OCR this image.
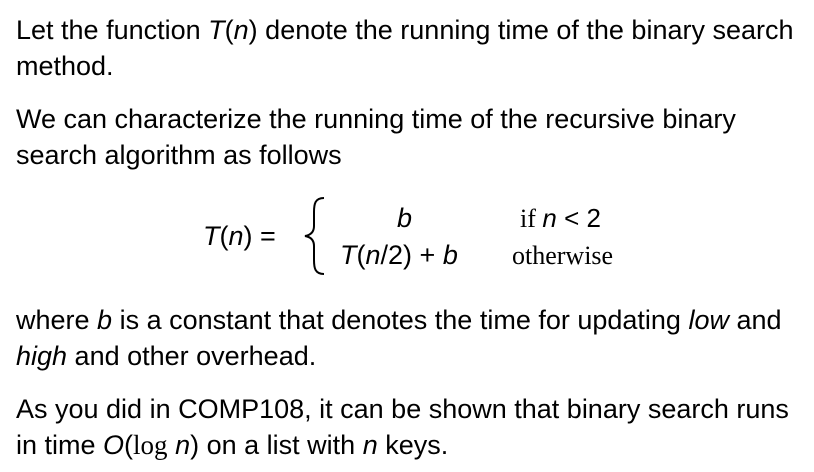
Let the function T(n) denote the running time of the binary search method.

We can characterize the running time of the recursive binary search algorithm as follows

T(n) =
b
T(n/2) + b
if n < 2
otherwise

where b is a constant that denotes the time for updating low and high and other overhead.

As you did in COMP108, it can be shown that binary search runs in time O(log n) on a list with n keys.
